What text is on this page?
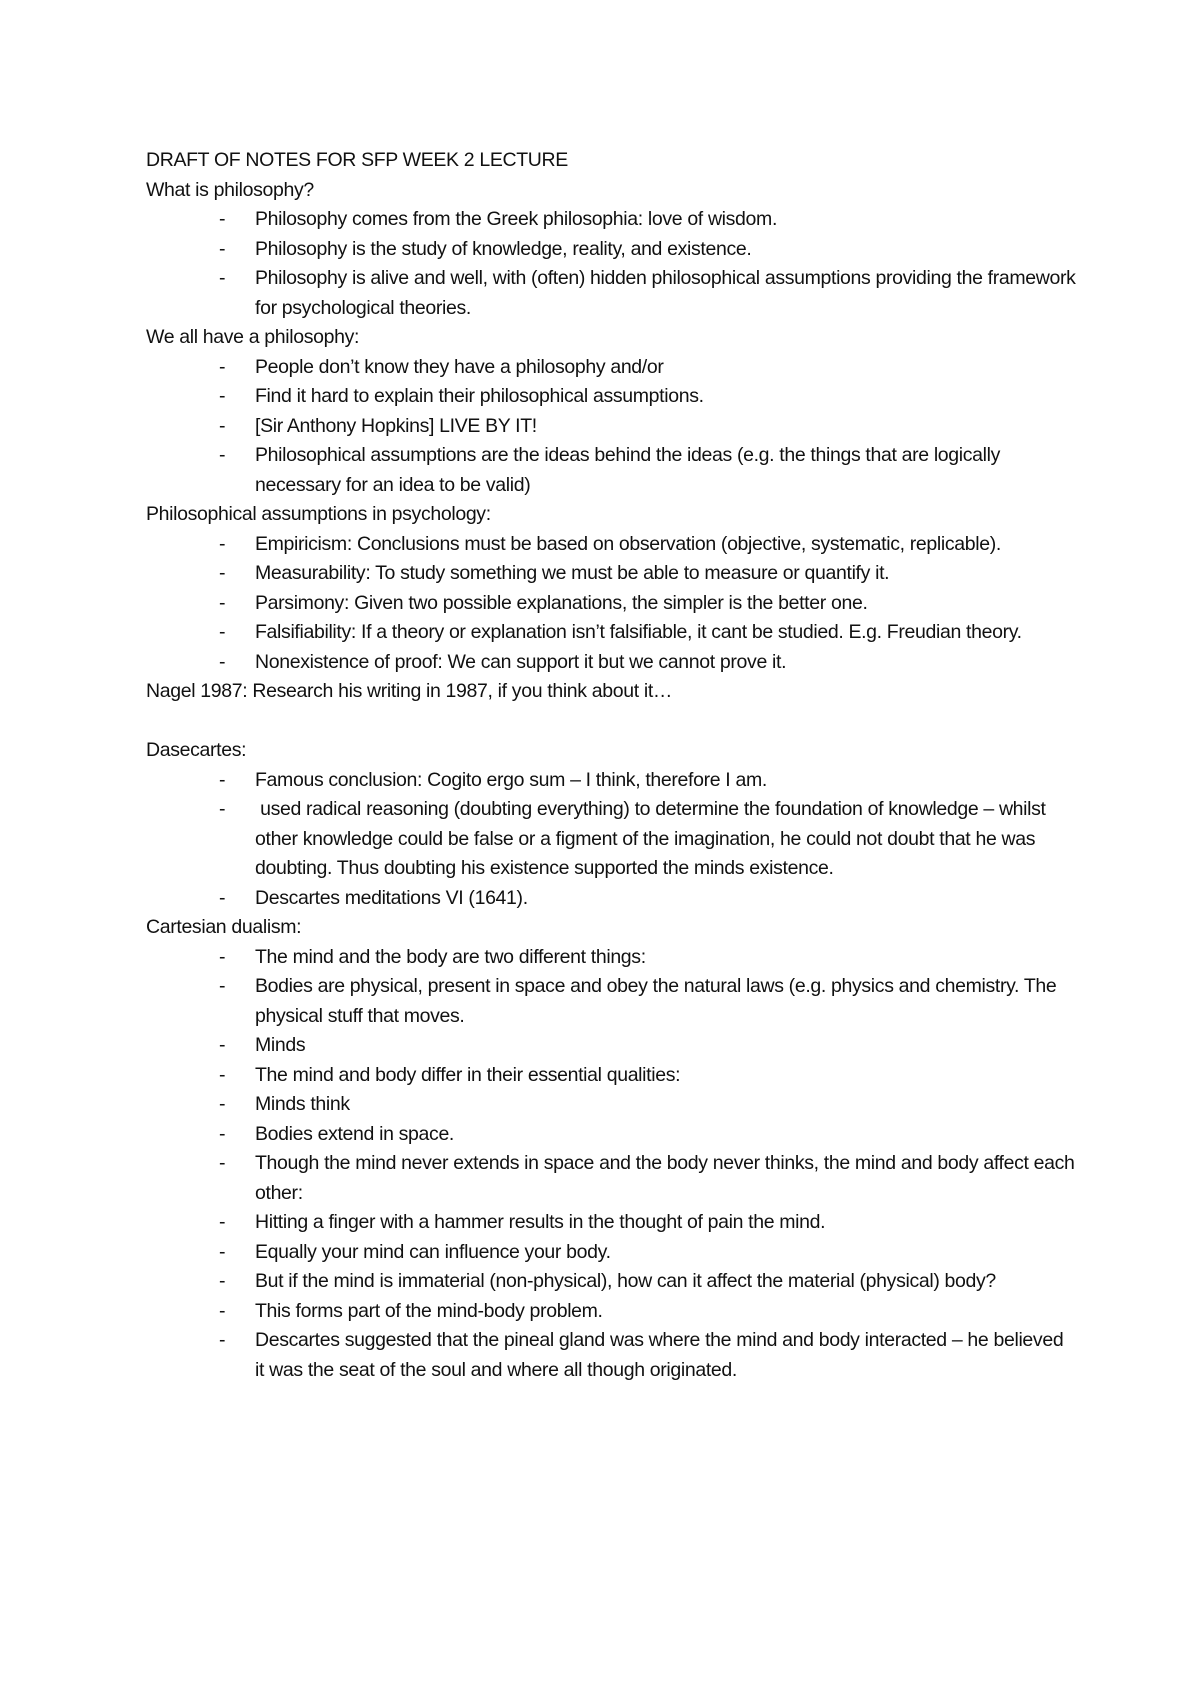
DRAFT OF NOTES FOR SFP WEEK 2 LECTURE
What is philosophy?
- Philosophy comes from the Greek philosophia: love of wisdom.
- Philosophy is the study of knowledge, reality, and existence.
- Philosophy is alive and well, with (often) hidden philosophical assumptions providing the framework for psychological theories.
We all have a philosophy:
- People don’t know they have a philosophy and/or
- Find it hard to explain their philosophical assumptions.
- [Sir Anthony Hopkins] LIVE BY IT!
- Philosophical assumptions are the ideas behind the ideas (e.g. the things that are logically necessary for an idea to be valid)
Philosophical assumptions in psychology:
- Empiricism: Conclusions must be based on observation (objective, systematic, replicable).
- Measurability: To study something we must be able to measure or quantify it.
- Parsimony: Given two possible explanations, the simpler is the better one.
- Falsifiability: If a theory or explanation isn’t falsifiable, it cant be studied. E.g. Freudian theory.
- Nonexistence of proof: We can support it but we cannot prove it.
Nagel 1987: Research his writing in 1987, if you think about it…
Dasecartes:
- Famous conclusion: Cogito ergo sum – I think, therefore I am.
- used radical reasoning (doubting everything) to determine the foundation of knowledge – whilst other knowledge could be false or a figment of the imagination, he could not doubt that he was doubting. Thus doubting his existence supported the minds existence.
- Descartes meditations VI (1641).
Cartesian dualism:
- The mind and the body are two different things:
- Bodies are physical, present in space and obey the natural laws (e.g. physics and chemistry. The physical stuff that moves.
- Minds
- The mind and body differ in their essential qualities:
- Minds think
- Bodies extend in space.
- Though the mind never extends in space and the body never thinks, the mind and body affect each other:
- Hitting a finger with a hammer results in the thought of pain the mind.
- Equally your mind can influence your body.
- But if the mind is immaterial (non-physical), how can it affect the material (physical) body?
- This forms part of the mind-body problem.
- Descartes suggested that the pineal gland was where the mind and body interacted – he believed it was the seat of the soul and where all though originated.
